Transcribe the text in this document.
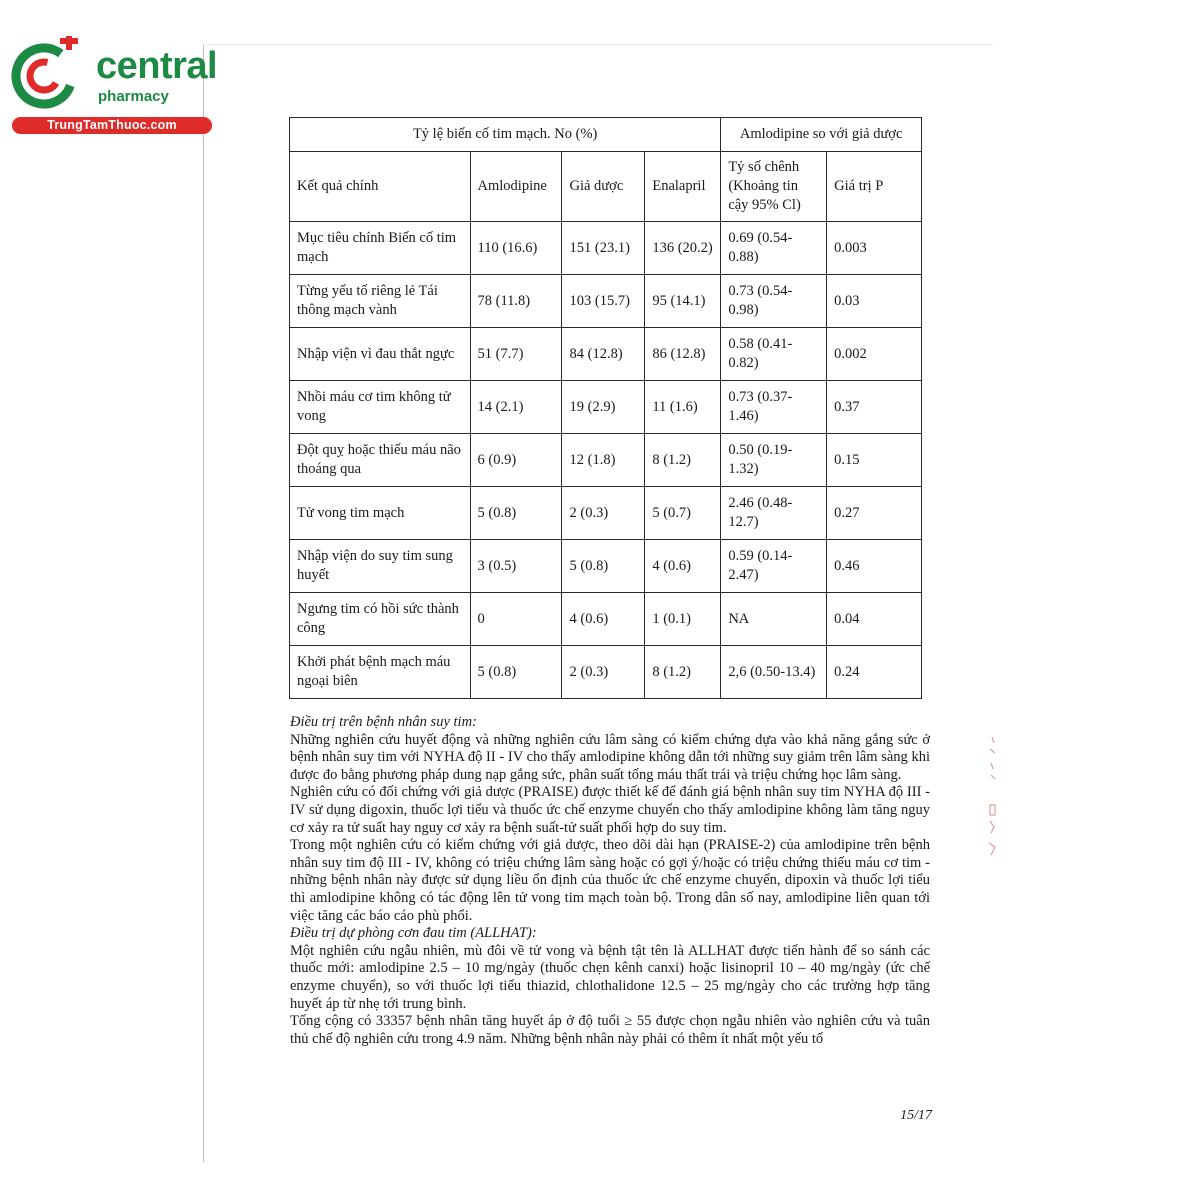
central
pharmacy
TrungTamThuoc.com
Tỷ lệ biến cố tim mạch. No (%)				Amlodipine so với giả dược	
Kết quả chính	Amlodipine	Giả dược	Enalapril	Tỷ số chênh (Khoảng tin cậy 95% Cl)	Giá trị P
Mục tiêu chính Biến cố tim mạch	110 (16.6)	151 (23.1)	136 (20.2)	0.69 (0.54-0.88)	0.003
Từng yếu tố riêng lẻ Tái thông mạch vành	78 (11.8)	103 (15.7)	95 (14.1)	0.73 (0.54-0.98)	0.03
Nhập viện vì đau thắt ngực	51 (7.7)	84 (12.8)	86 (12.8)	0.58 (0.41-0.82)	0.002
Nhồi máu cơ tim không tử vong	14 (2.1)	19 (2.9)	11 (1.6)	0.73 (0.37-1.46)	0.37
Đột quỵ hoặc thiếu máu não thoáng qua	6 (0.9)	12 (1.8)	8 (1.2)	0.50 (0.19-1.32)	0.15
Tử vong tim mạch	5 (0.8)	2 (0.3)	5 (0.7)	2.46 (0.48-12.7)	0.27
Nhập viện do suy tim sung huyết	3 (0.5)	5 (0.8)	4 (0.6)	0.59 (0.14-2.47)	0.46
Ngưng tim có hồi sức thành công	0	4 (0.6)	1 (0.1)	NA	0.04
Khởi phát bệnh mạch máu ngoại biên	5 (0.8)	2 (0.3)	8 (1.2)	2,6 (0.50-13.4)	0.24

Điều trị trên bệnh nhân suy tim:

Những nghiên cứu huyết động và những nghiên cứu lâm sàng có kiểm chứng dựa vào khả năng gắng sức ở bệnh nhân suy tim với NYHA độ II - IV cho thấy amlodipine không dẫn tới những suy giảm trên lâm sàng khi được đo bằng phương pháp dung nạp gắng sức, phân suất tống máu thất trái và triệu chứng học lâm sàng.

Nghiên cứu có đối chứng với giả dược (PRAISE) được thiết kế để đánh giá bệnh nhân suy tim NYHA độ III - IV sử dụng digoxin, thuốc lợi tiểu và thuốc ức chế enzyme chuyển cho thấy amlodipine không làm tăng nguy cơ xảy ra tử suất hay nguy cơ xảy ra bệnh suất-tử suất phối hợp do suy tim.

Trong một nghiên cứu có kiểm chứng với giả dược, theo dõi dài hạn (PRAISE-2) của amlodipine trên bệnh nhân suy tim độ III - IV, không có triệu chứng lâm sàng hoặc có gợi ý/hoặc có triệu chứng thiếu máu cơ tim - những bệnh nhân này được sử dụng liều ổn định của thuốc ức chế enzyme chuyển, dipoxin và thuốc lợi tiểu thì amlodipine không có tác động lên tử vong tim mạch toàn bộ. Trong dân số nay, amlodipine liên quan tới việc tăng các báo cáo phù phổi.

Điều trị dự phòng cơn đau tim (ALLHAT):

Một nghiên cứu ngẫu nhiên, mù đôi về tử vong và bệnh tật tên là ALLHAT được tiến hành để so sánh các thuốc mới: amlodipine 2.5 – 10 mg/ngày (thuốc chẹn kênh canxi) hoặc lisinopril 10 – 40 mg/ngày (ức chế enzyme chuyển), so với thuốc lợi tiểu thiazid, chlothalidone 12.5 – 25 mg/ngày cho các trường hợp tăng huyết áp từ nhẹ tới trung bình.

Tổng cộng có 33357 bệnh nhân tăng huyết áp ở độ tuổi ≥ 55 được chọn ngẫu nhiên vào nghiên cứu và tuân thủ chế độ nghiên cứu trong 4.9 năm. Những bệnh nhân này phải có thêm ít nhất một yếu tố

15/17
